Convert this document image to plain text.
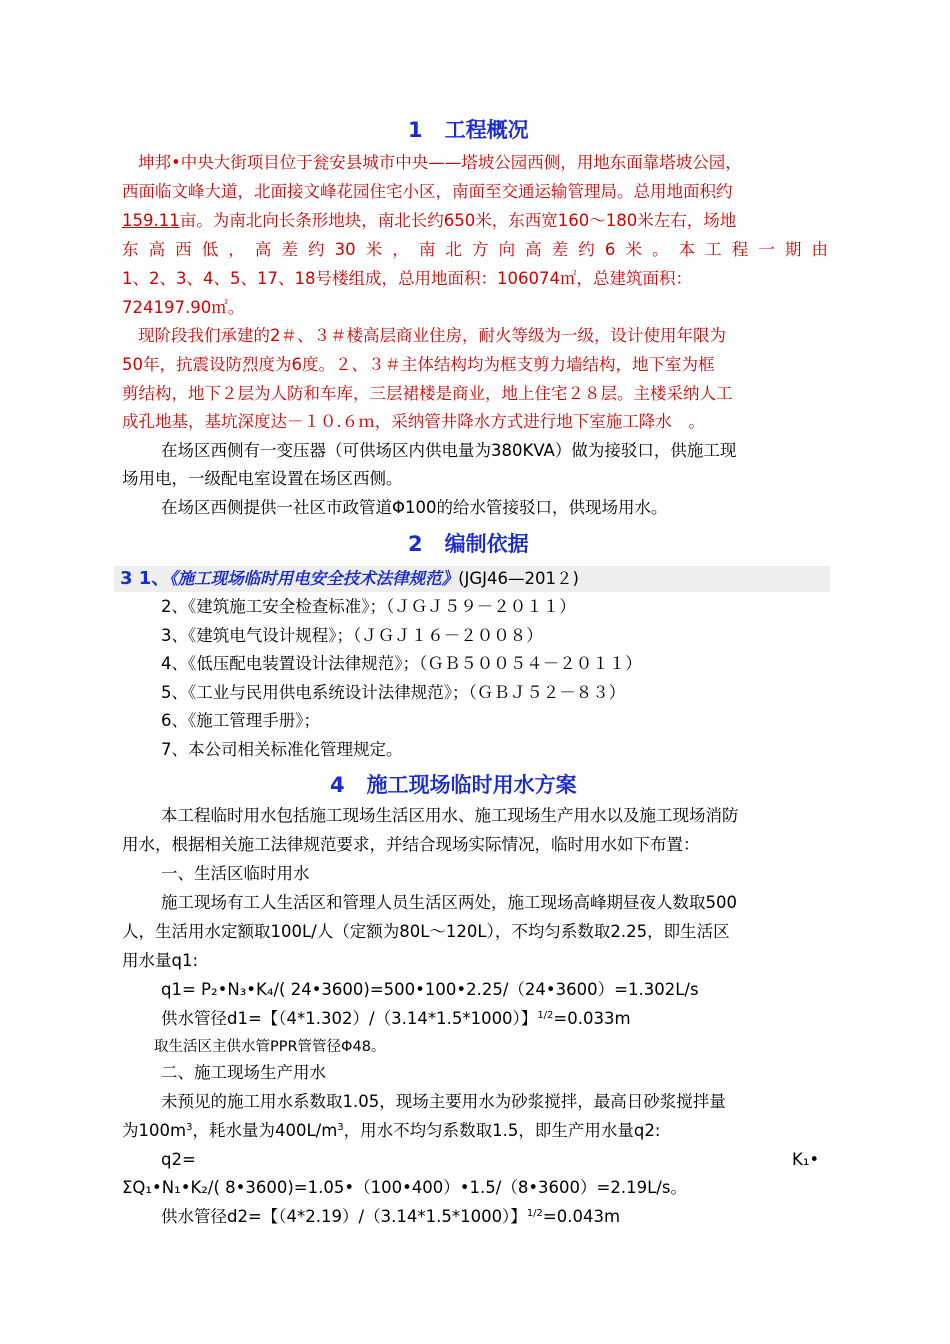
1 工程概况
坤邦•中央大街项目位于瓮安县城市中央——塔坡公园西侧，用地东面靠塔坡公园，
西面临文峰大道，北面接文峰花园住宅小区，南面至交通运输管理局。总用地面积约
159.11亩。为南北向长条形地块，南北长约650米，东西宽160～180米左右，场地
东高西低，高差约30米，南北方向高差约6米。本工程一期由
1、2、3、4、5、17、18号楼组成，总用地面积：106074㎡，总建筑面积：
724197.90㎡。
现阶段我们承建的2＃、３＃楼高层商业住房，耐火等级为一级，设计使用年限为
50年，抗震设防烈度为6度。２、３＃主体结构均为框支剪力墙结构，地下室为框
剪结构，地下２层为人防和车库，三层裙楼是商业，地上住宅２８层。主楼采纳人工
成孔地基，基坑深度达－１０.６ｍ，采纳管井降水方式进行地下室施工降水　。
在场区西侧有一变压器（可供场区内供电量为380KVA）做为接驳口，供施工现
场用电，一级配电室设置在场区西侧。
在场区西侧提供一社区市政管道Φ100的给水管接驳口，供现场用水。
2 编制依据
3 1、《施工现场临时用电安全技术法律规范》(JGJ46—201２)
2、《建筑施工安全检查标准》；（ＪＧＪ５９－２０１１）
3、《建筑电气设计规程》；（ＪＧＪ１６－２００８）
4、《低压配电装置设计法律规范》；（ＧＢ５００５４－２０１１）
5、《工业与民用供电系统设计法律规范》；（ＧＢＪ５２－８３）
6、《施工管理手册》；
7、本公司相关标准化管理规定。
4 施工现场临时用水方案
本工程临时用水包括施工现场生活区用水、施工现场生产用水以及施工现场消防
用水，根据相关施工法律规范要求，并结合现场实际情况，临时用水如下布置：
一、生活区临时用水
施工现场有工人生活区和管理人员生活区两处，施工现场高峰期昼夜人数取500
人，生活用水定额取100L/人（定额为80L～120L），不均匀系数取2.25，即生活区
用水量q1:
q1= P₂•N₃•K₄/( 24•3600)=500•100•2.25/（24•3600）=1.302L/s
供水管径d1=【（4*1.302）/（3.14*1.5*1000）】$^{1/2}$=0.033m
取生活区主供水管PPR管管径Φ48。
二、施工现场生产用水
未预见的施工用水系数取1.05，现场主要用水为砂浆搅拌，最高日砂浆搅拌量
为$100m^3$，耗水量为$400L/m^3$，用水不均匀系数取1.5，即生产用水量q2:
q2=	K₁•
ΣQ₁•N₁•K₂/( 8•3600)=1.05•（100•400）•1.5/（8•3600）=2.19L/s。
供水管径d2=【（4*2.19）/（3.14*1.5*1000）】$^{1/2}$=0.043m
